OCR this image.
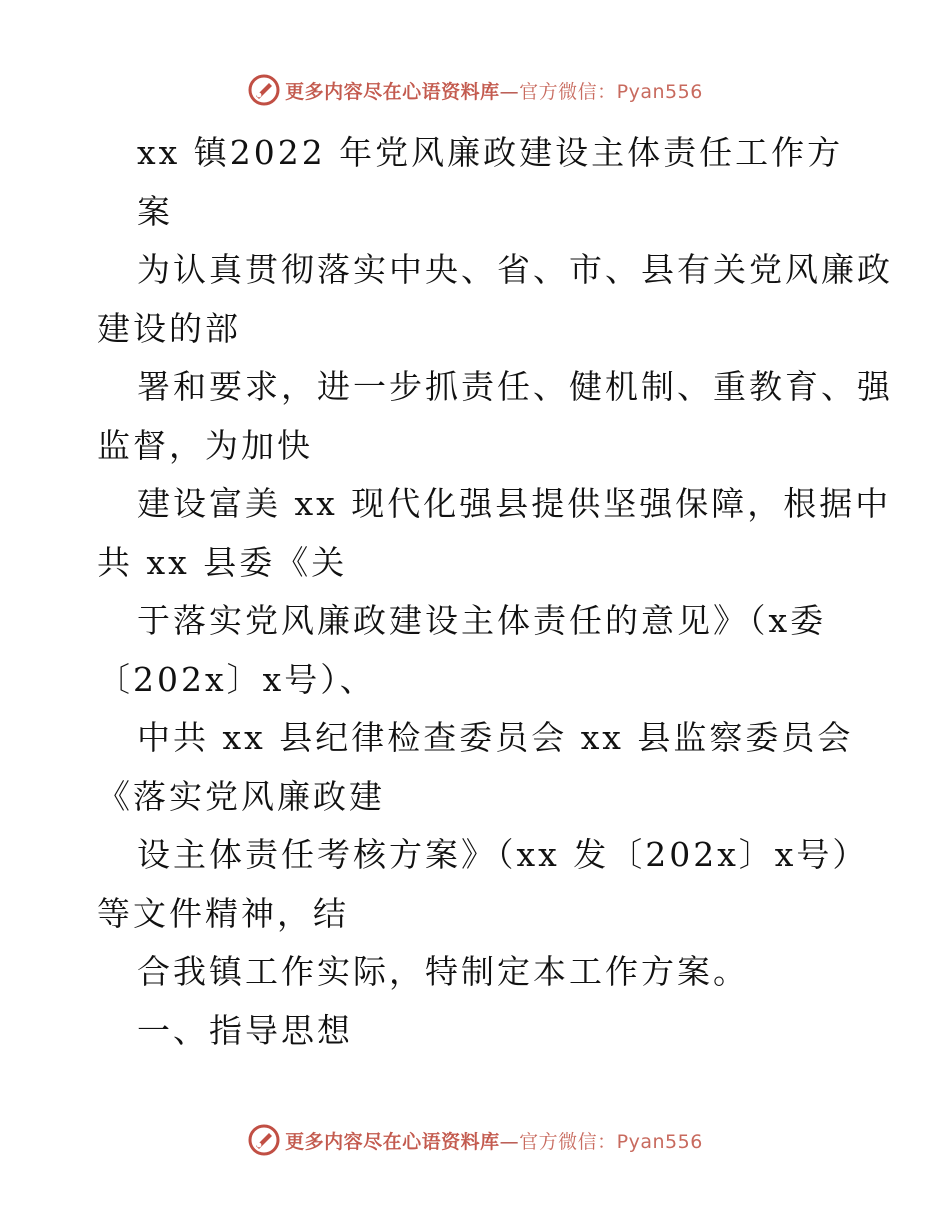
更多内容尽在心语资料库—官方微信：Pyan556
xx 镇2022 年党风廉政建设主体责任工作方
案
为认真贯彻落实中央、省、市、县有关党风廉政
建设的部
署和要求，进一步抓责任、健机制、重教育、强
监督，为加快
建设富美 xx 现代化强县提供坚强保障，根据中
共 xx 县委《关
于落实党风廉政建设主体责任的意见》（x委
〔202x〕x号）、
中共 xx 县纪律检查委员会 xx 县监察委员会
《落实党风廉政建
设主体责任考核方案》（xx 发〔202x〕x号）
等文件精神，结
合我镇工作实际，特制定本工作方案。
一、指导思想
更多内容尽在心语资料库—官方微信：Pyan556
